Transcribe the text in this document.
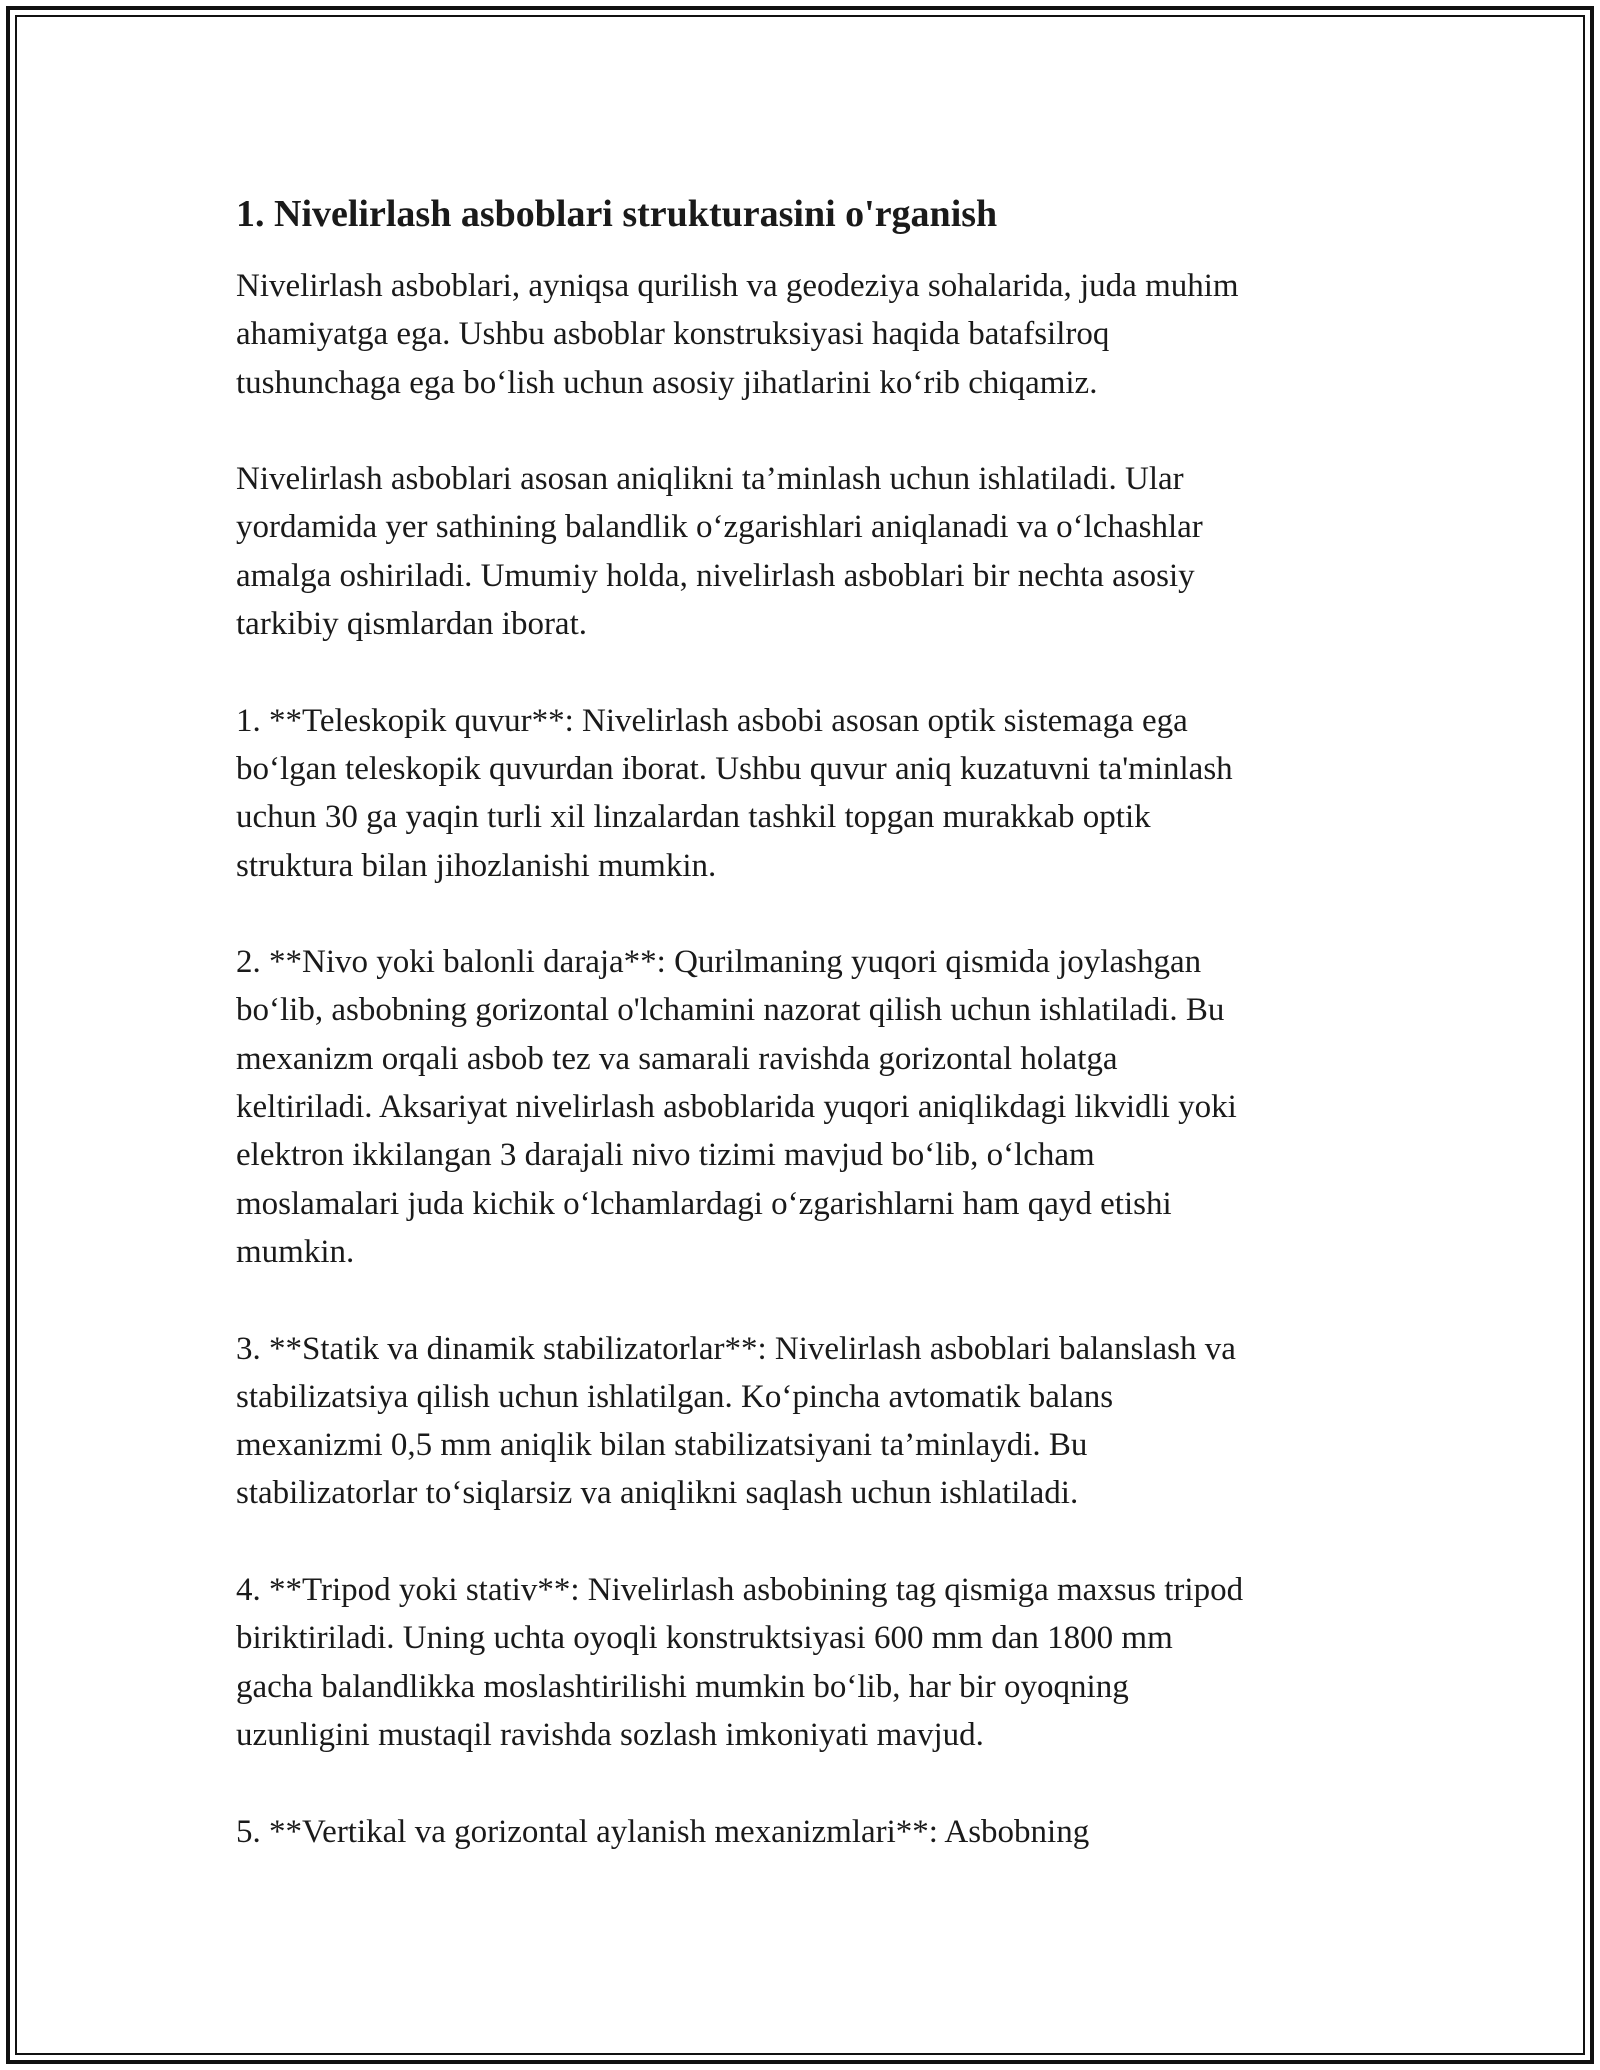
1. Nivelirlash asboblari strukturasini o'rganish

Nivelirlash asboblari, ayniqsa qurilish va geodeziya sohalarida, juda muhim
ahamiyatga ega. Ushbu asboblar konstruksiyasi haqida batafsilroq
tushunchaga ega bo‘lish uchun asosiy jihatlarini ko‘rib chiqamiz.

Nivelirlash asboblari asosan aniqlikni ta’minlash uchun ishlatiladi. Ular
yordamida yer sathining balandlik o‘zgarishlari aniqlanadi va o‘lchashlar
amalga oshiriladi. Umumiy holda, nivelirlash asboblari bir nechta asosiy
tarkibiy qismlardan iborat.

1. **Teleskopik quvur**: Nivelirlash asbobi asosan optik sistemaga ega
bo‘lgan teleskopik quvurdan iborat. Ushbu quvur aniq kuzatuvni ta'minlash
uchun 30 ga yaqin turli xil linzalardan tashkil topgan murakkab optik
struktura bilan jihozlanishi mumkin.

2. **Nivo yoki balonli daraja**: Qurilmaning yuqori qismida joylashgan
bo‘lib, asbobning gorizontal o'lchamini nazorat qilish uchun ishlatiladi. Bu
mexanizm orqali asbob tez va samarali ravishda gorizontal holatga
keltiriladi. Aksariyat nivelirlash asboblarida yuqori aniqlikdagi likvidli yoki
elektron ikkilangan 3 darajali nivo tizimi mavjud bo‘lib, o‘lcham
moslamalari juda kichik o‘lchamlardagi o‘zgarishlarni ham qayd etishi
mumkin.

3. **Statik va dinamik stabilizatorlar**: Nivelirlash asboblari balanslash va
stabilizatsiya qilish uchun ishlatilgan. Ko‘pincha avtomatik balans
mexanizmi 0,5 mm aniqlik bilan stabilizatsiyani ta’minlaydi. Bu
stabilizatorlar to‘siqlarsiz va aniqlikni saqlash uchun ishlatiladi.

4. **Tripod yoki stativ**: Nivelirlash asbobining tag qismiga maxsus tripod
biriktiriladi. Uning uchta oyoqli konstruktsiyasi 600 mm dan 1800 mm
gacha balandlikka moslashtirilishi mumkin bo‘lib, har bir oyoqning
uzunligini mustaqil ravishda sozlash imkoniyati mavjud.

5. **Vertikal va gorizontal aylanish mexanizmlari**: Asbobning
